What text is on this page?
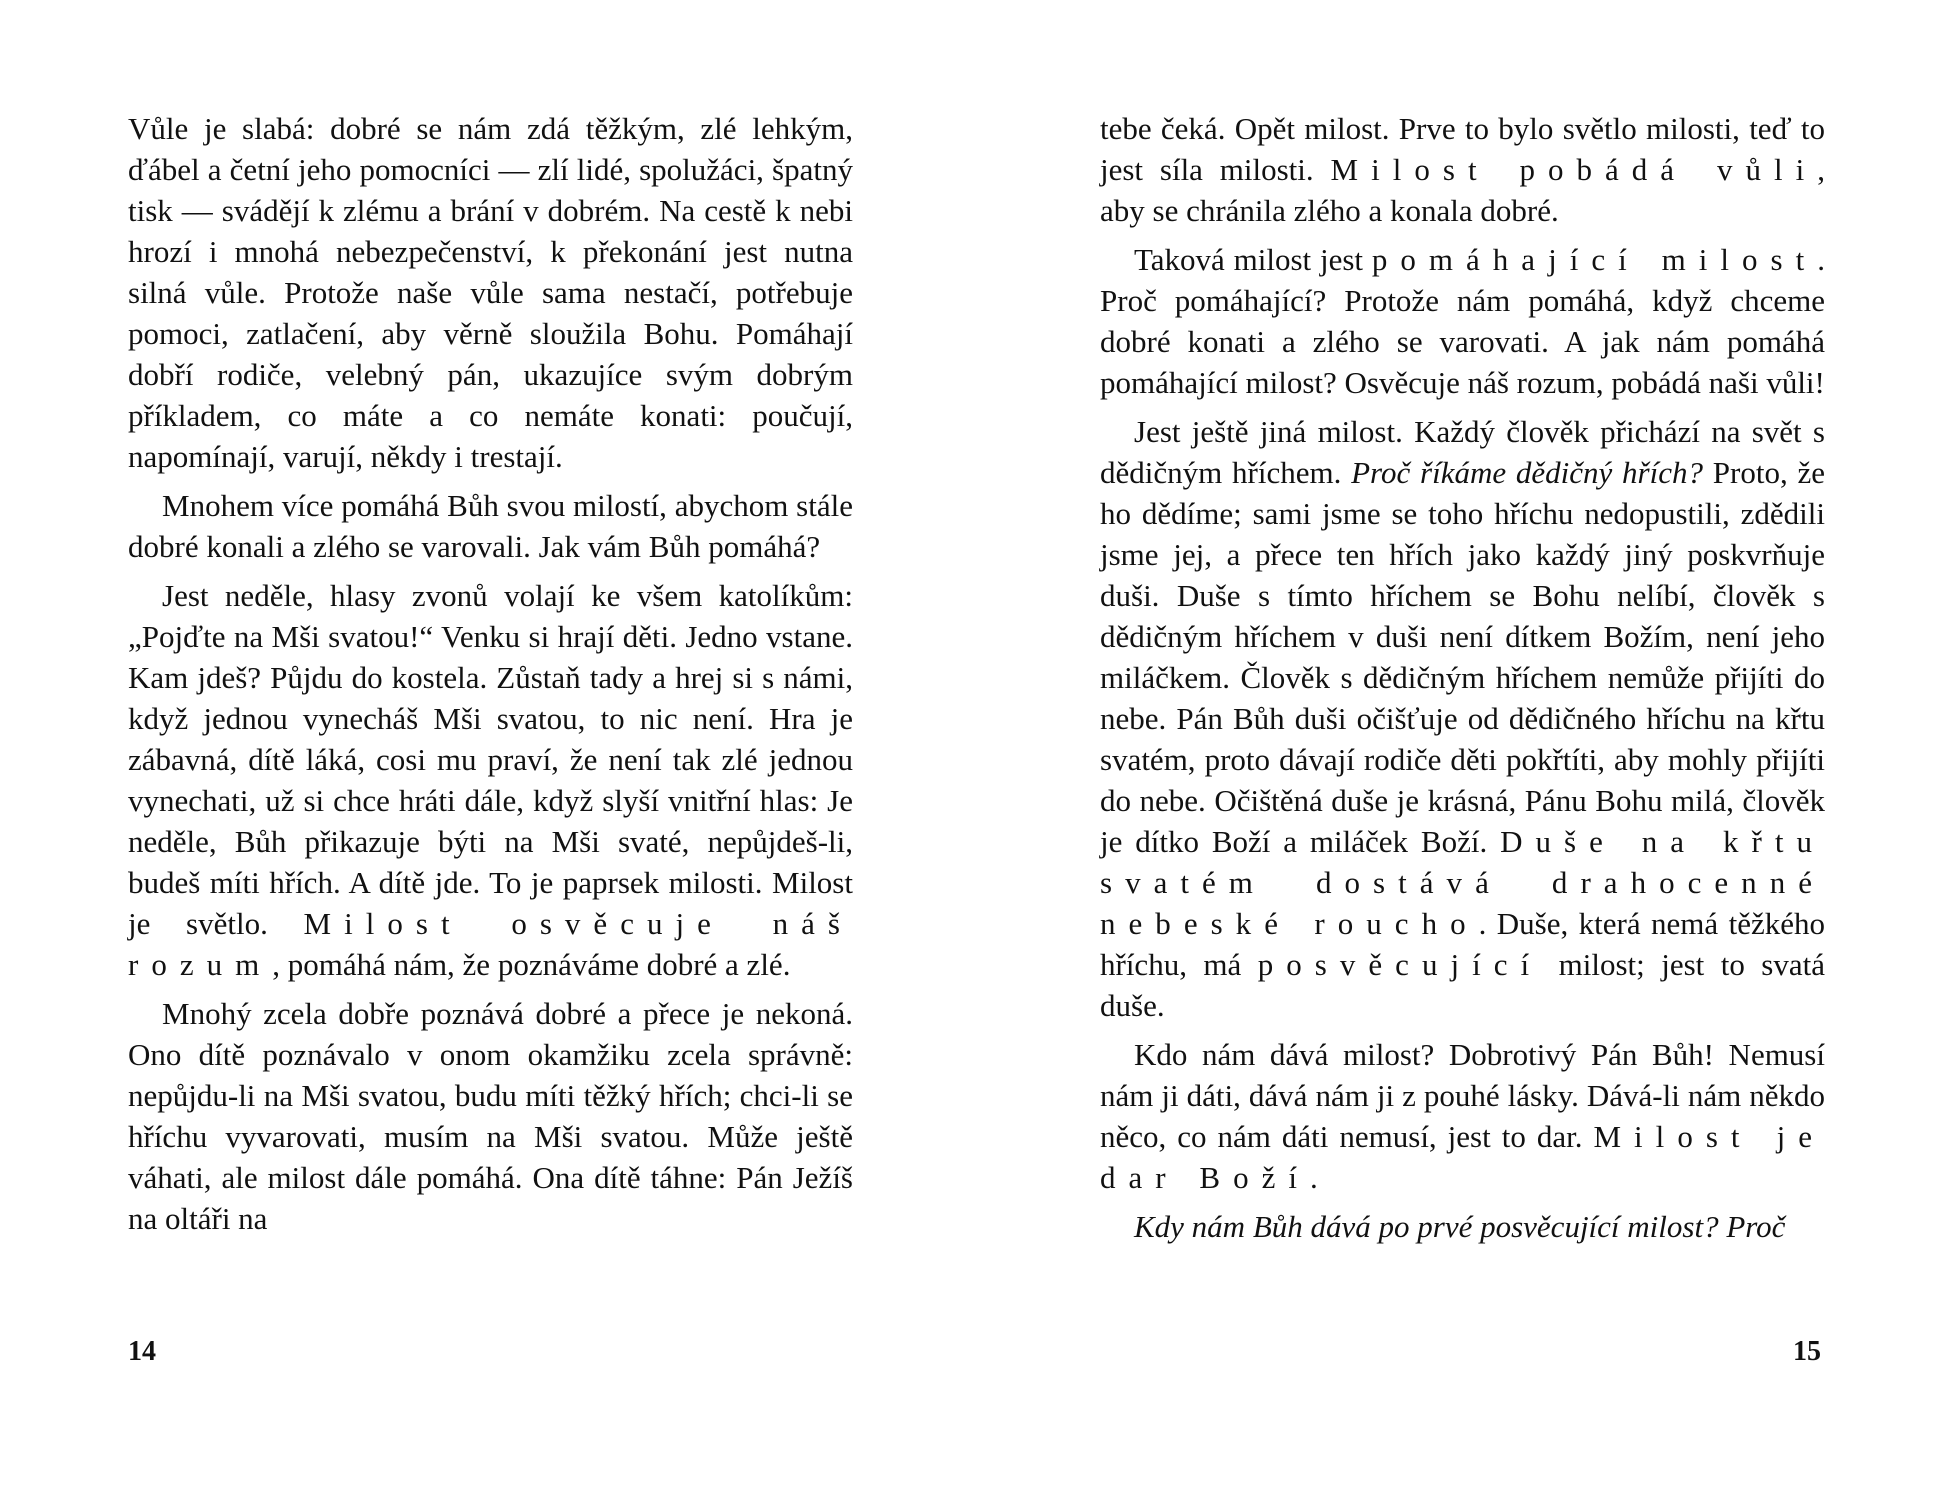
Vůle je slabá: dobré se nám zdá těžkým, zlé lehkým, ďábel a četní jeho pomocníci — zlí lidé, spolužáci, špatný tisk — svádějí k zlému a brání v dobrém. Na cestě k nebi hrozí i mnohá nebezpečenství, k překonání jest nutna silná vůle. Protože naše vůle sama nestačí, potřebuje pomoci, zatlačení, aby věrně sloužila Bohu. Pomáhají dobří rodiče, velebný pán, ukazujíce svým dobrým příkladem, co máte a co nemáte konati: poučují, napomínají, varují, někdy i trestají.

Mnohem více pomáhá Bůh svou milostí, abychom stále dobré konali a zlého se varovali. Jak vám Bůh pomáhá?

Jest neděle, hlasy zvonů volají ke všem katolíkům: „Pojďte na Mši svatou!“ Venku si hrají děti. Jedno vstane. Kam jdeš? Půjdu do kostela. Zůstaň tady a hrej si s námi, když jednou vynecháš Mši svatou, to nic není. Hra je zábavná, dítě láká, cosi mu praví, že není tak zlé jednou vynechati, už si chce hráti dále, když slyší vnitřní hlas: Je neděle, Bůh přikazuje býti na Mši svaté, nepůjdeš-li, budeš míti hřích. A dítě jde. To je paprsek milosti. Milost je světlo. Milost osvěcuje náš rozum, pomáhá nám, že poznáváme dobré a zlé.

Mnohý zcela dobře poznává dobré a přece je nekoná. Ono dítě poznávalo v onom okamžiku zcela správně: nepůjdu-li na Mši svatou, budu míti těžký hřích; chci-li se hříchu vyvarovati, musím na Mši svatou. Může ještě váhati, ale milost dále pomáhá. Ona dítě táhne: Pán Ježíš na oltáři na

14

tebe čeká. Opět milost. Prve to bylo světlo milosti, teď to jest síla milosti. Milost pobádá vůli, aby se chránila zlého a konala dobré.

Taková milost jest pomáhající milost. Proč pomáhající? Protože nám pomáhá, když chceme dobré konati a zlého se varovati. A jak nám pomáhá pomáhající milost? Osvěcuje náš rozum, pobádá naši vůli!

Jest ještě jiná milost. Každý člověk přichází na svět s dědičným hříchem. Proč říkáme dědičný hřích? Proto, že ho dědíme; sami jsme se toho hříchu nedopustili, zdědili jsme jej, a přece ten hřích jako každý jiný poskvrňuje duši. Duše s tímto hříchem se Bohu nelíbí, člověk s dědičným hříchem v duši není dítkem Božím, není jeho miláčkem. Člověk s dědičným hříchem nemůže přijíti do nebe. Pán Bůh duši očišťuje od dědičného hříchu na křtu svatém, proto dávají rodiče děti pokřtíti, aby mohly přijíti do nebe. Očištěná duše je krásná, Pánu Bohu milá, člověk je dítko Boží a miláček Boží. Duše na křtu svatém dostává drahocenné nebeské roucho. Duše, která nemá těžkého hříchu, má posvěcující milost; jest to svatá duše.

Kdo nám dává milost? Dobrotivý Pán Bůh! Nemusí nám ji dáti, dává nám ji z pouhé lásky. Dává-li nám někdo něco, co nám dáti nemusí, jest to dar. Milost je dar Boží.

Kdy nám Bůh dává po prvé posvěcující milost? Proč

15
